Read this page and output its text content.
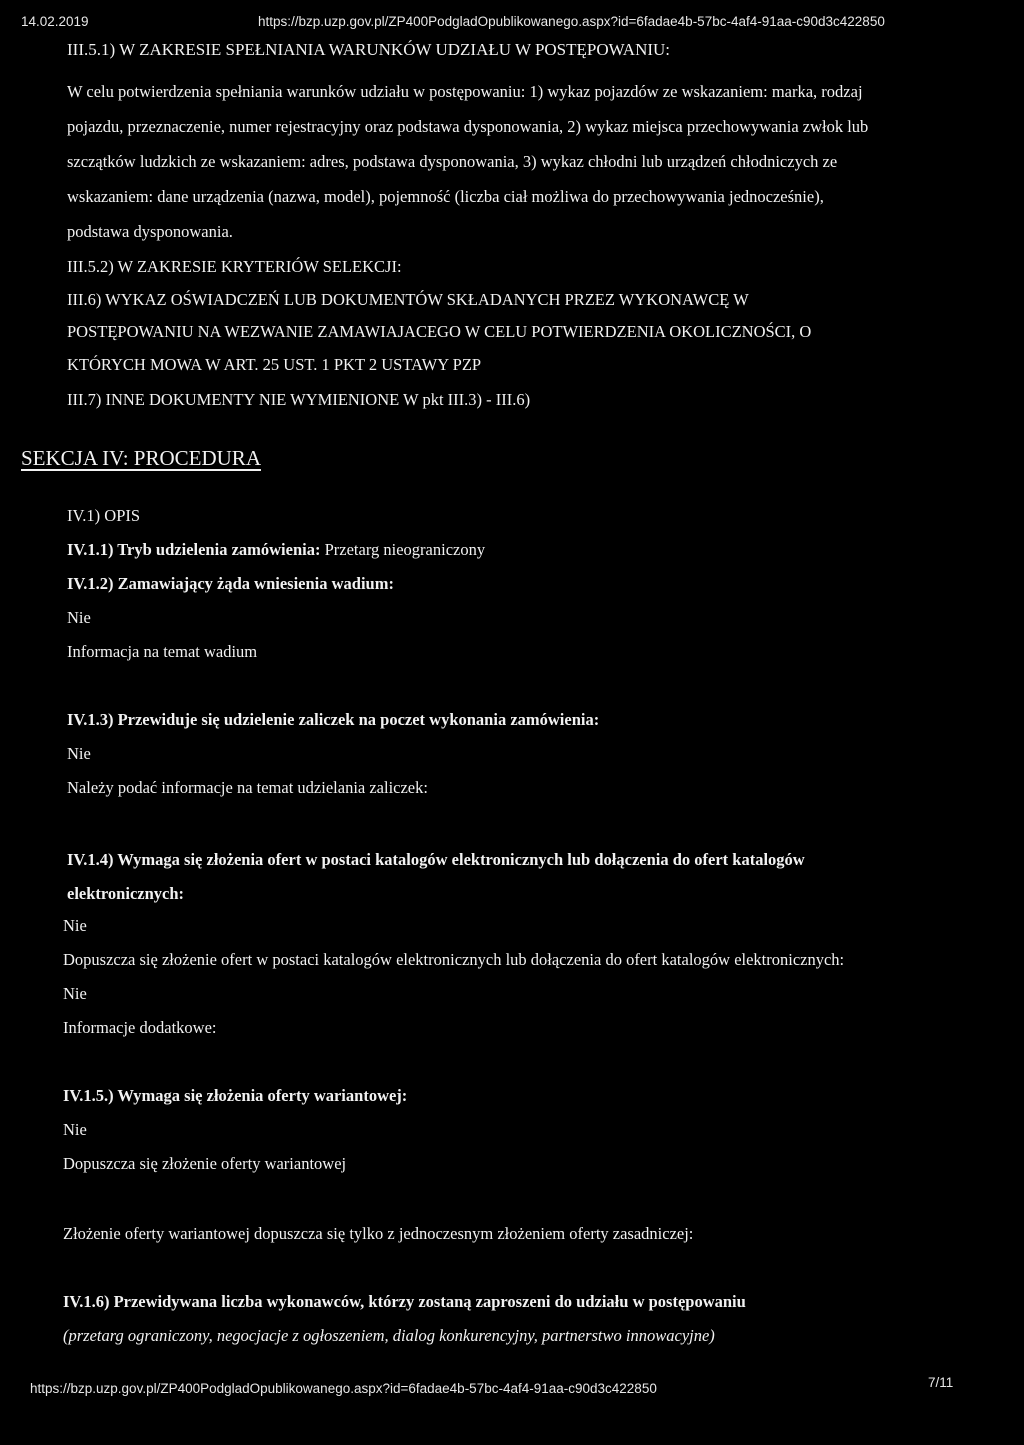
14.02.2019	https://bzp.uzp.gov.pl/ZP400PodgladOpublikowanego.aspx?id=6fadae4b-57bc-4af4-91aa-c90d3c422850
III.5.1) W ZAKRESIE SPEŁNIANIA WARUNKÓW UDZIAŁU W POSTĘPOWANIU:
W celu potwierdzenia spełniania warunków udziału w postępowaniu: 1) wykaz pojazdów ze wskazaniem: marka, rodzaj
pojazdu, przeznaczenie, numer rejestracyjny oraz podstawa dysponowania, 2) wykaz miejsca przechowywania zwłok lub
szczątków ludzkich ze wskazaniem: adres, podstawa dysponowania, 3) wykaz chłodni lub urządzeń chłodniczych ze
wskazaniem: dane urządzenia (nazwa, model), pojemność (liczba ciał możliwa do przechowywania jednocześnie),
podstawa dysponowania.
III.5.2) W ZAKRESIE KRYTERIÓW SELEKCJI:
III.6) WYKAZ OŚWIADCZEŃ LUB DOKUMENTÓW SKŁADANYCH PRZEZ WYKONAWCĘ W
POSTĘPOWANIU NA WEZWANIE ZAMAWIAJACEGO W CELU POTWIERDZENIA OKOLICZNOŚCI, O
KTÓRYCH MOWA W ART. 25 UST. 1 PKT 2 USTAWY PZP
III.7) INNE DOKUMENTY NIE WYMIENIONE W pkt III.3) - III.6)
SEKCJA IV: PROCEDURA
IV.1) OPIS
IV.1.1) Tryb udzielenia zamówienia: Przetarg nieograniczony
IV.1.2) Zamawiający żąda wniesienia wadium:
Nie
Informacja na temat wadium
IV.1.3) Przewiduje się udzielenie zaliczek na poczet wykonania zamówienia:
Nie
Należy podać informacje na temat udzielania zaliczek:
IV.1.4) Wymaga się złożenia ofert w postaci katalogów elektronicznych lub dołączenia do ofert katalogów
elektronicznych:
Nie
Dopuszcza się złożenie ofert w postaci katalogów elektronicznych lub dołączenia do ofert katalogów elektronicznych:
Nie
Informacje dodatkowe:
IV.1.5.) Wymaga się złożenia oferty wariantowej:
Nie
Dopuszcza się złożenie oferty wariantowej
Złożenie oferty wariantowej dopuszcza się tylko z jednoczesnym złożeniem oferty zasadniczej:
IV.1.6) Przewidywana liczba wykonawców, którzy zostaną zaproszeni do udziału w postępowaniu
(przetarg ograniczony, negocjacje z ogłoszeniem, dialog konkurencyjny, partnerstwo innowacyjne)
https://bzp.uzp.gov.pl/ZP400PodgladOpublikowanego.aspx?id=6fadae4b-57bc-4af4-91aa-c90d3c422850	7/11
